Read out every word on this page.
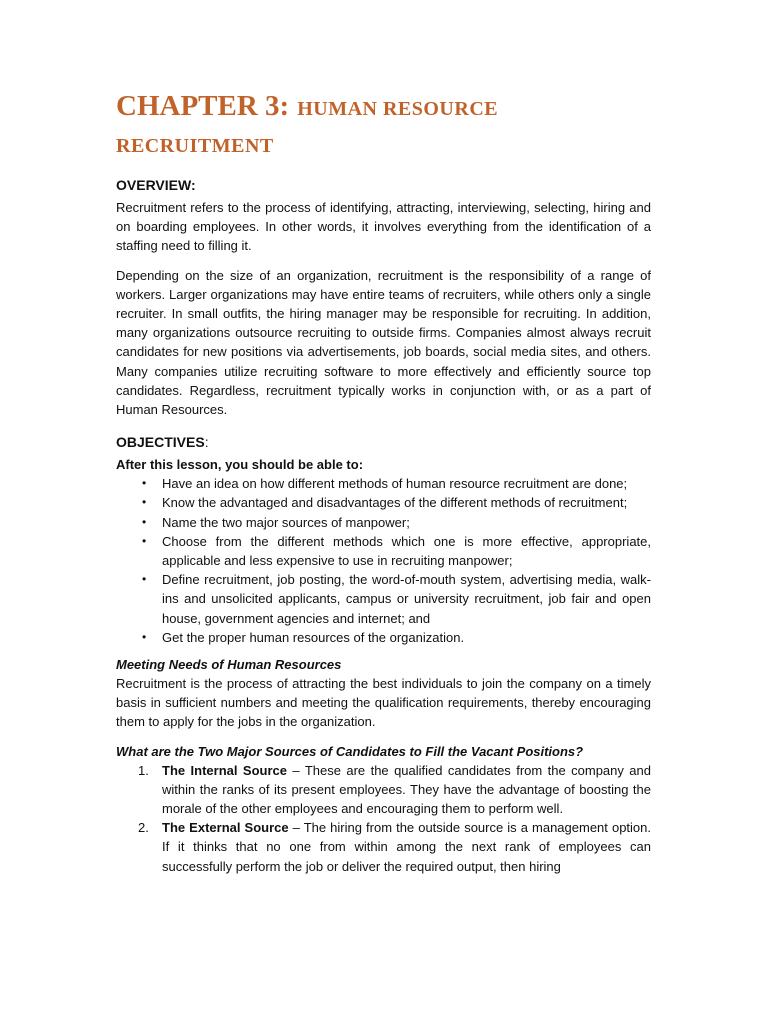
CHAPTER 3: HUMAN RESOURCE
RECRUITMENT
OVERVIEW:

Recruitment refers to the process of identifying, attracting, interviewing, selecting, hiring and on boarding employees. In other words, it involves everything from the identification of a staffing need to filling it.

Depending on the size of an organization, recruitment is the responsibility of a range of workers. Larger organizations may have entire teams of recruiters, while others only a single recruiter. In small outfits, the hiring manager may be responsible for recruiting. In addition, many organizations outsource recruiting to outside firms. Companies almost always recruit candidates for new positions via advertisements, job boards, social media sites, and others. Many companies utilize recruiting software to more effectively and efficiently source top candidates. Regardless, recruitment typically works in conjunction with, or as a part of Human Resources.

OBJECTIVES:

After this lesson, you should be able to:

• Have an idea on how different methods of human resource recruitment are done;
• Know the advantaged and disadvantages of the different methods of recruitment;
• Name the two major sources of manpower;
• Choose from the different methods which one is more effective, appropriate, applicable and less expensive to use in recruiting manpower;
• Define recruitment, job posting, the word-of-mouth system, advertising media, walk-ins and unsolicited applicants, campus or university recruitment, job fair and open house, government agencies and internet; and
• Get the proper human resources of the organization.
Meeting Needs of Human Resources

Recruitment is the process of attracting the best individuals to join the company on a timely basis in sufficient numbers and meeting the qualification requirements, thereby encouraging them to apply for the jobs in the organization.

What are the Two Major Sources of Candidates to Fill the Vacant Positions?
1. The Internal Source – These are the qualified candidates from the company and within the ranks of its present employees. They have the advantage of boosting the morale of the other employees and encouraging them to perform well.
2. The External Source – The hiring from the outside source is a management option. If it thinks that no one from within among the next rank of employees can successfully perform the job or deliver the required output, then hiring
